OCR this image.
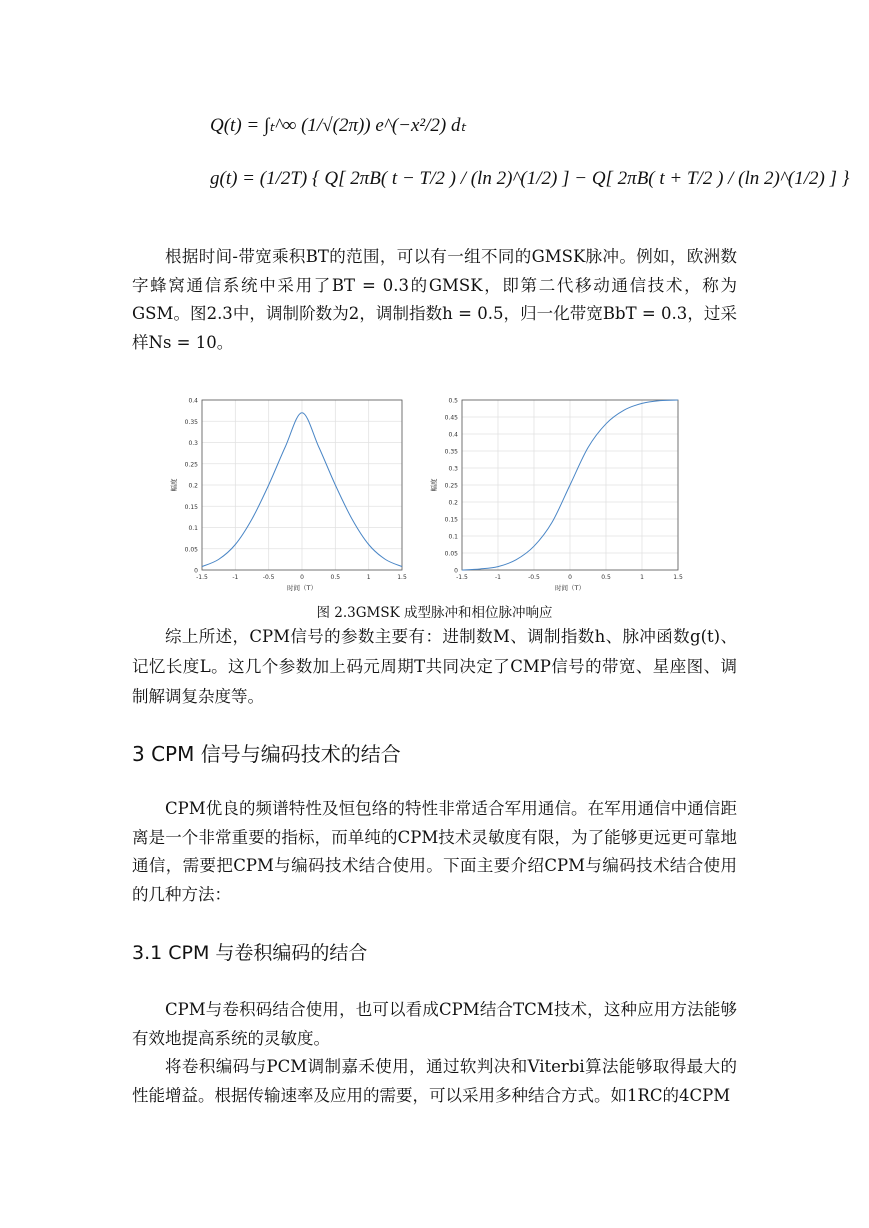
Q(t) = ∫ₜ^∞ (1/√(2π)) e^(−x²/2) dₜ
g(t) = (1/2T) { Q[ 2πB( t − T/2 ) / (ln 2)^(1/2) ] − Q[ 2πB( t + T/2 ) / (ln 2)^(1/2) ] }

根据时间-带宽乘积BT的范围，可以有一组不同的GMSK脉冲。例如，欧洲数字蜂窝通信系统中采用了BT = 0.3的GMSK，即第二代移动通信技术，称为GSM。图2.3中，调制阶数为2，调制指数h = 0.5，归一化带宽BbT = 0.3，过采样Ns = 10。

0
0.05
0.1
0.15
0.2
0.25
0.3
0.35
0.4
-1.5	-1	-0.5	0	0.5	1	1.5
时间（T）
幅度
0
0.05
0.1
0.15
0.2
0.25
0.3
0.35
0.4
0.45
0.5
-1.5	-1	-0.5	0	0.5	1	1.5
时间（T）
幅度
图 2.3GMSK 成型脉冲和相位脉冲响应

综上所述，CPM信号的参数主要有：进制数M、调制指数h、脉冲函数g(t)、记忆长度L。这几个参数加上码元周期T共同决定了CMP信号的带宽、星座图、调制解调复杂度等。

3 CPM 信号与编码技术的结合

CPM优良的频谱特性及恒包络的特性非常适合军用通信。在军用通信中通信距离是一个非常重要的指标，而单纯的CPM技术灵敏度有限，为了能够更远更可靠地通信，需要把CPM与编码技术结合使用。下面主要介绍CPM与编码技术结合使用的几种方法：

3.1 CPM 与卷积编码的结合

CPM与卷积码结合使用，也可以看成CPM结合TCM技术，这种应用方法能够有效地提高系统的灵敏度。

将卷积编码与PCM调制嘉禾使用，通过软判决和Viterbi算法能够取得最大的性能增益。根据传输速率及应用的需要，可以采用多种结合方式。如1RC的4CPM
